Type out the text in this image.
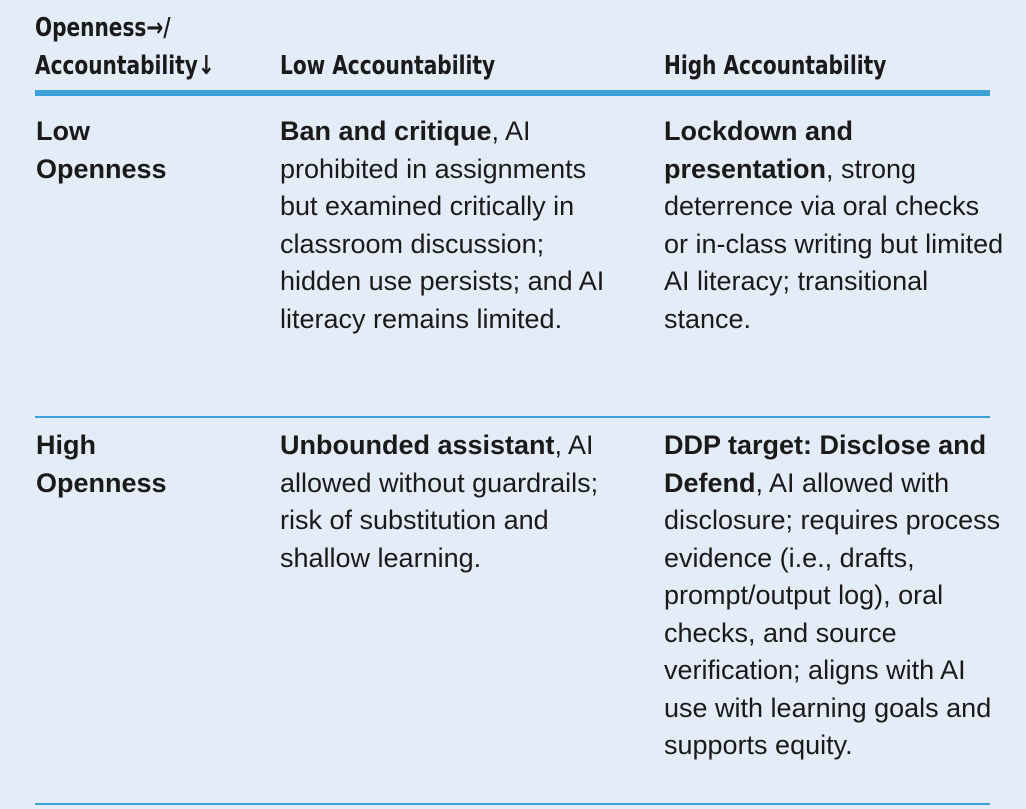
Openness→/
Accountability↓	Low Accountability	High Accountability
Low
Openness
Ban and critique, AI prohibited in assignments but examined critically in classroom discussion; hidden use persists; and AI literacy remains limited.
Lockdown and presentation, strong deterrence via oral checks or in-class writing but limited AI literacy; transitional stance.
High
Openness
Unbounded assistant, AI allowed without guardrails; risk of substitution and shallow learning.
DDP target: Disclose and Defend, AI allowed with disclosure; requires process evidence (i.e., drafts, prompt/output log), oral checks, and source verification; aligns with AI use with learning goals and supports equity.
